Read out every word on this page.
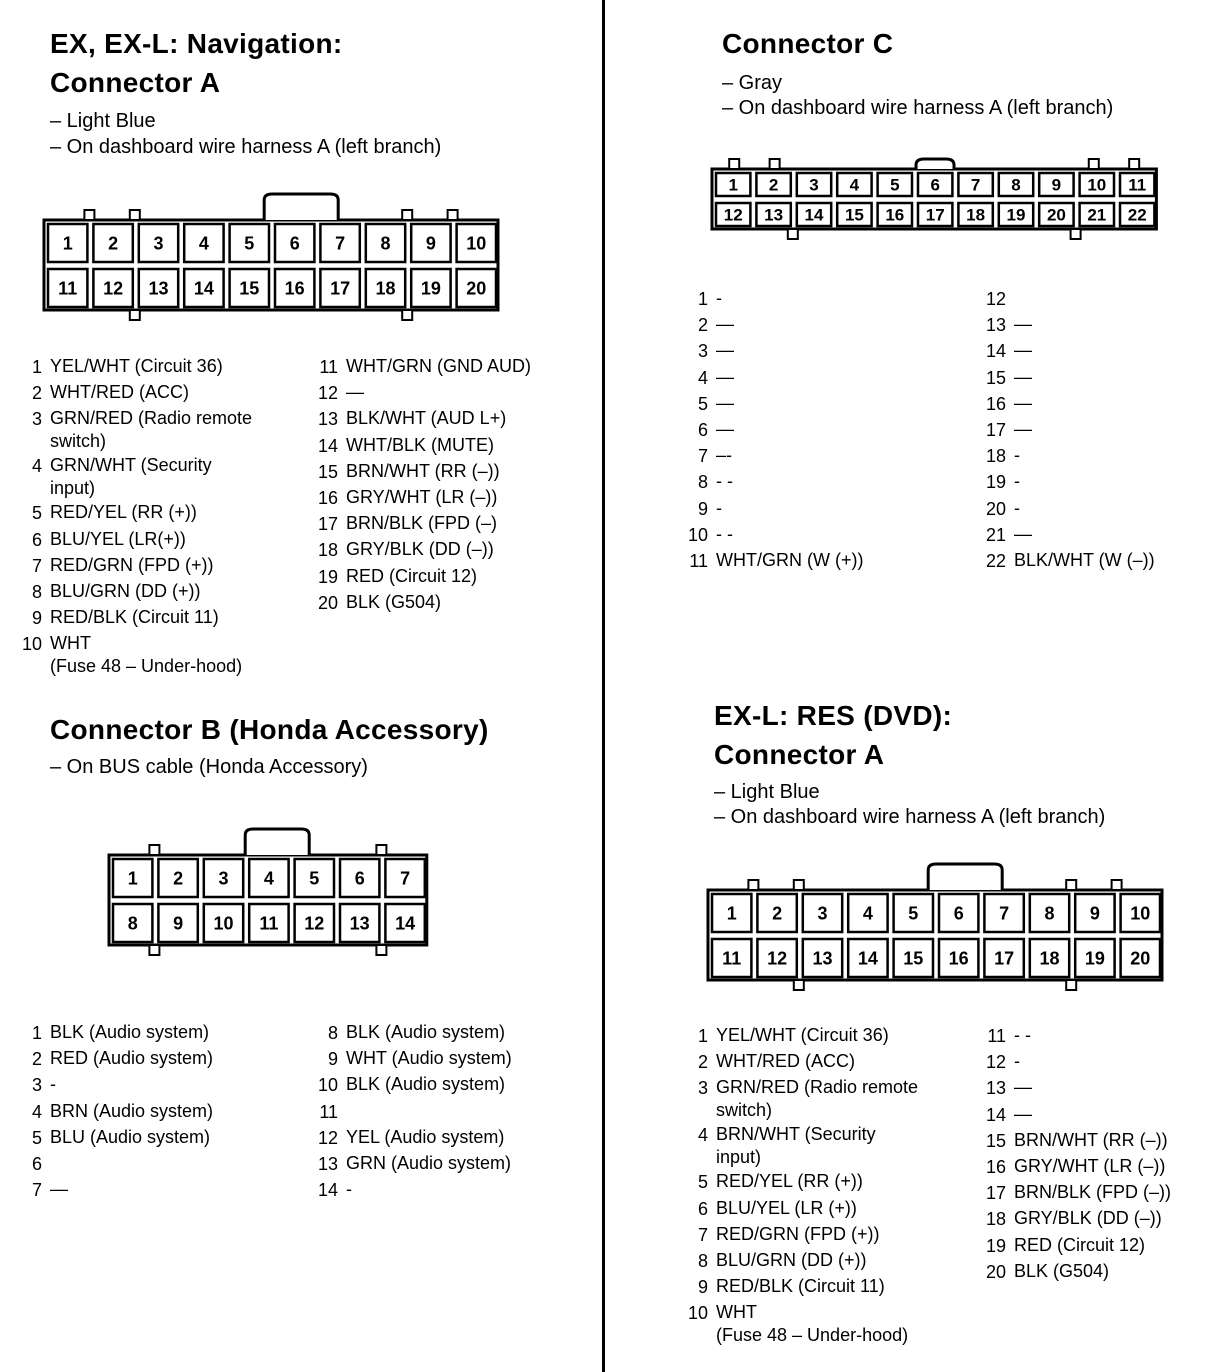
EX, EX-L: Navigation:
Connector A
– Light Blue
– On dashboard wire harness A (left branch)
1 2 3 4 5 6 7 8 9 10
11 12 13 14 15 16 17 18 19 20
1 YEL/WHT (Circuit 36)
2 WHT/RED (ACC)
3 GRN/RED (Radio remote
switch)
4 GRN/WHT (Security
input)
5 RED/YEL (RR (+))
6 BLU/YEL (LR(+))
7 RED/GRN (FPD (+))
8 BLU/GRN (DD (+))
9 RED/BLK (Circuit 11)
10 WHT
(Fuse 48 – Under-hood)
11 WHT/GRN (GND AUD)
12 —
13 BLK/WHT (AUD L+)
14 WHT/BLK (MUTE)
15 BRN/WHT (RR (–))
16 GRY/WHT (LR (–))
17 BRN/BLK (FPD (–)
18 GRY/BLK (DD (–))
19 RED (Circuit 12)
20 BLK (G504)
Connector B (Honda Accessory)
– On BUS cable (Honda Accessory)
1 2 3 4 5 6 7
8 9 10 11 12 13 14
1 BLK (Audio system)
2 RED (Audio system)
3 -
4 BRN (Audio system)
5 BLU (Audio system)
6
7 —
8 BLK (Audio system)
9 WHT (Audio system)
10 BLK (Audio system)
11
12 YEL (Audio system)
13 GRN (Audio system)
14 -
Connector C
– Gray
– On dashboard wire harness A (left branch)
1 2 3 4 5 6 7 8 9 10 11
12 13 14 15 16 17 18 19 20 21 22
1 -
2 —
3 —
4 —
5 —
6 —
7 –-
8 - -
9 -
10 - -
11 WHT/GRN (W (+))
12
13 —
14 —
15 —
16 —
17 —
18 -
19 -
20 -
21 —
22 BLK/WHT (W (–))
EX-L: RES (DVD):
Connector A
– Light Blue
– On dashboard wire harness A (left branch)
1 2 3 4 5 6 7 8 9 10
11 12 13 14 15 16 17 18 19 20
1 YEL/WHT (Circuit 36)
2 WHT/RED (ACC)
3 GRN/RED (Radio remote
switch)
4 BRN/WHT (Security
input)
5 RED/YEL (RR (+))
6 BLU/YEL (LR (+))
7 RED/GRN (FPD (+))
8 BLU/GRN (DD (+))
9 RED/BLK (Circuit 11)
10 WHT
(Fuse 48 – Under-hood)
11 - -
12 -
13 —
14 —
15 BRN/WHT (RR (–))
16 GRY/WHT (LR (–))
17 BRN/BLK (FPD (–))
18 GRY/BLK (DD (–))
19 RED (Circuit 12)
20 BLK (G504)
